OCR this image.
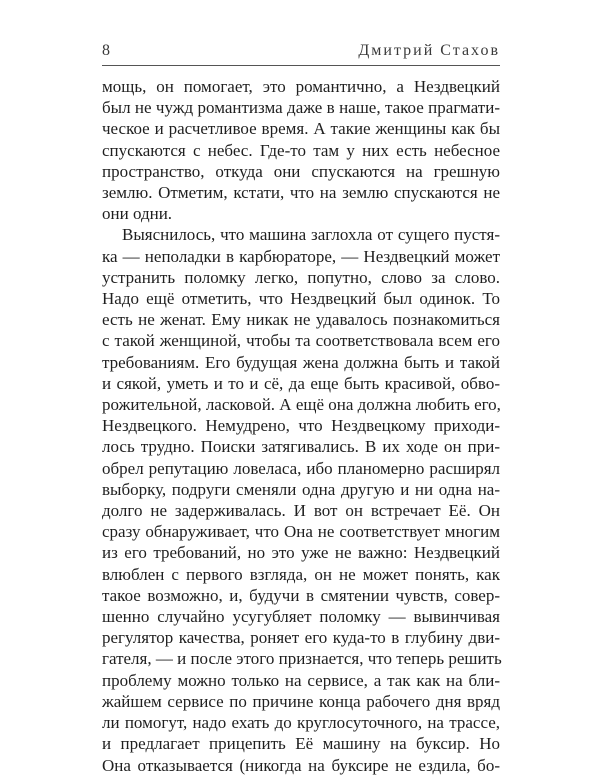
8	Дмитрий Стахов
мощь, он помогает, это романтично, а Нездвецкий
был не чужд романтизма даже в наше, такое прагмати-
ческое и расчетливое время. А такие женщины как бы
спускаются с небес. Где-то там у них есть небесное
пространство, откуда они спускаются на грешную
землю. Отметим, кстати, что на землю спускаются не
они одни.
Выяснилось, что машина заглохла от сущего пустя-
ка — неполадки в карбюраторе, — Нездвецкий может
устранить поломку легко, попутно, слово за слово.
Надо ещё отметить, что Нездвецкий был одинок. То
есть не женат. Ему никак не удавалось познакомиться
с такой женщиной, чтобы та соответствовала всем его
требованиям. Его будущая жена должна быть и такой
и сякой, уметь и то и сё, да еще быть красивой, обво-
рожительной, ласковой. А ещё она должна любить его,
Нездвецкого. Немудрено, что Нездвецкому приходи-
лось трудно. Поиски затягивались. В их ходе он при-
обрел репутацию ловеласа, ибо планомерно расширял
выборку, подруги сменяли одна другую и ни одна на-
долго не задерживалась. И вот он встречает Её. Он
сразу обнаруживает, что Она не соответствует многим
из его требований, но это уже не важно: Нездвецкий
влюблен с первого взгляда, он не может понять, как
такое возможно, и, будучи в смятении чувств, совер-
шенно случайно усугубляет поломку — вывинчивая
регулятор качества, роняет его куда-то в глубину дви-
гателя, — и после этого признается, что теперь решить
проблему можно только на сервисе, а так как на бли-
жайшем сервисе по причине конца рабочего дня вряд
ли помогут, надо ехать до круглосуточного, на трассе,
и предлагает прицепить Её машину на буксир. Но
Она отказывается (никогда на буксире не ездила, бо-
